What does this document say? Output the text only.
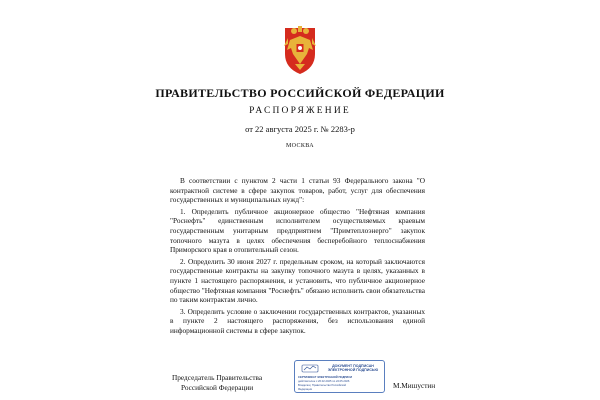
ПРАВИТЕЛЬСТВО РОССИЙСКОЙ ФЕДЕРАЦИИ
РАСПОРЯЖЕНИЕ
от 22 августа 2025 г. № 2283-р
МОСКВА

В соответствии с пунктом 2 части 1 статьи 93 Федерального закона "О контрактной системе в сфере закупок товаров, работ, услуг для обеспечения государственных и муниципальных нужд":

1. Определить публичное акционерное общество "Нефтяная компания "Роснефть" единственным исполнителем осуществляемых краевым государственным унитарным предприятием "Примтеплоэнерго" закупок топочного мазута в целях обеспечения бесперебойного теплоснабжения Приморского края в отопительный сезон.

2. Определить 30 июня 2027 г. предельным сроком, на который заключаются государственные контракты на закупку топочного мазута в целях, указанных в пункте 1 настоящего распоряжения, и установить, что публичное акционерное общество "Нефтяная компания "Роснефть" обязано исполнить свои обязательства по таким контрактам лично.

3. Определить условие о заключении государственных контрактов, указанных в пункте 2 настоящего распоряжения, без использования единой информационной системы в сфере закупок.

Председатель Правительства
Российской Федерации
ДОКУМЕНТ ПОДПИСАН ЭЛЕКТРОННОЙ ПОДПИСЬЮ
СЕРТИФИКАТ ЭЛЕКТРОННОЙ ПОДПИСИ
действителен с 26.02.2025 по 22.05.2026
Владелец: Правительство Российской
Федерации	М.Мишустин
